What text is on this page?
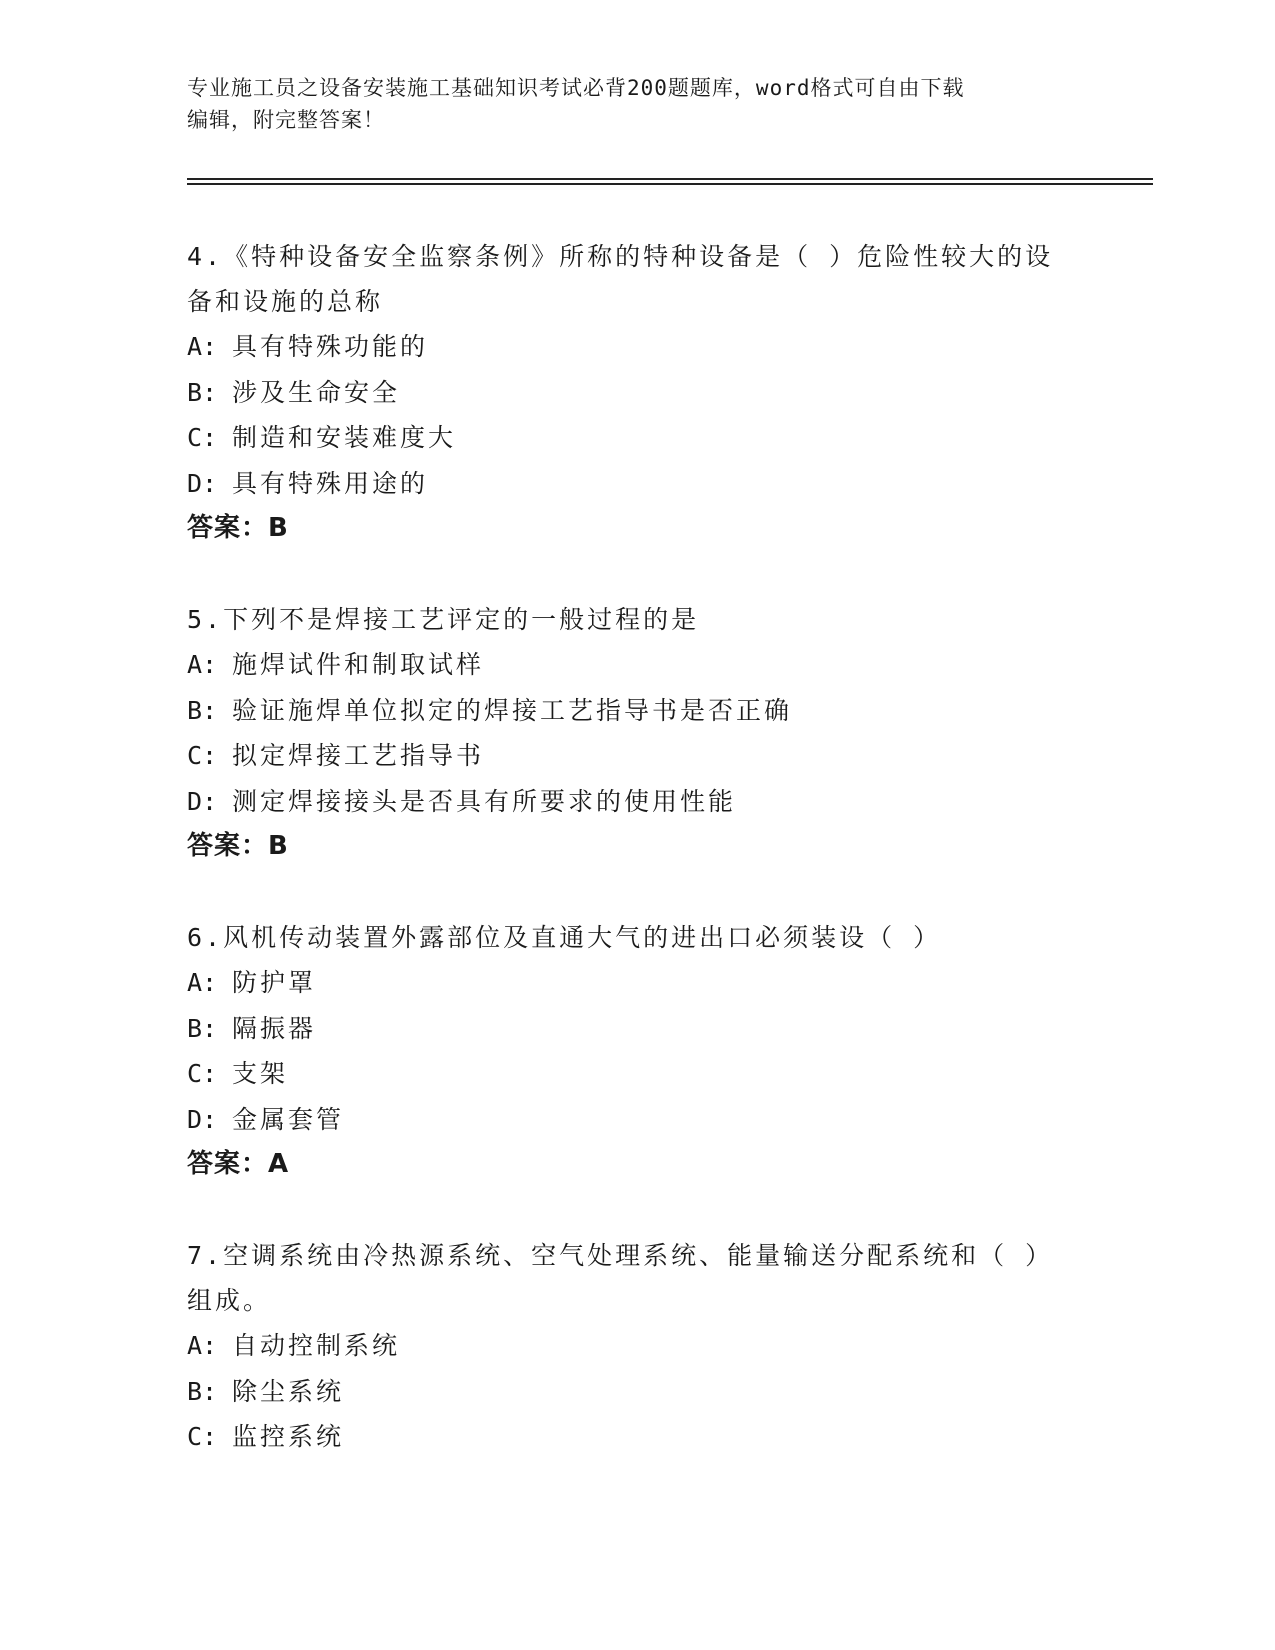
专业施工员之设备安装施工基础知识考试必背200题题库，word格式可自由下载
编辑，附完整答案！

4.《特种设备安全监察条例》所称的特种设备是（ ）危险性较大的设

备和设施的总称

A: 具有特殊功能的

B: 涉及生命安全

C: 制造和安装难度大

D: 具有特殊用途的

答案：B

5.下列不是焊接工艺评定的一般过程的是

A: 施焊试件和制取试样

B: 验证施焊单位拟定的焊接工艺指导书是否正确

C: 拟定焊接工艺指导书

D: 测定焊接接头是否具有所要求的使用性能

答案：B

6.风机传动装置外露部位及直通大气的进出口必须装设（ ）

A: 防护罩

B: 隔振器

C: 支架

D: 金属套管

答案：A

7.空调系统由冷热源系统、空气处理系统、能量输送分配系统和（ ）

组成。

A: 自动控制系统

B: 除尘系统

C: 监控系统
